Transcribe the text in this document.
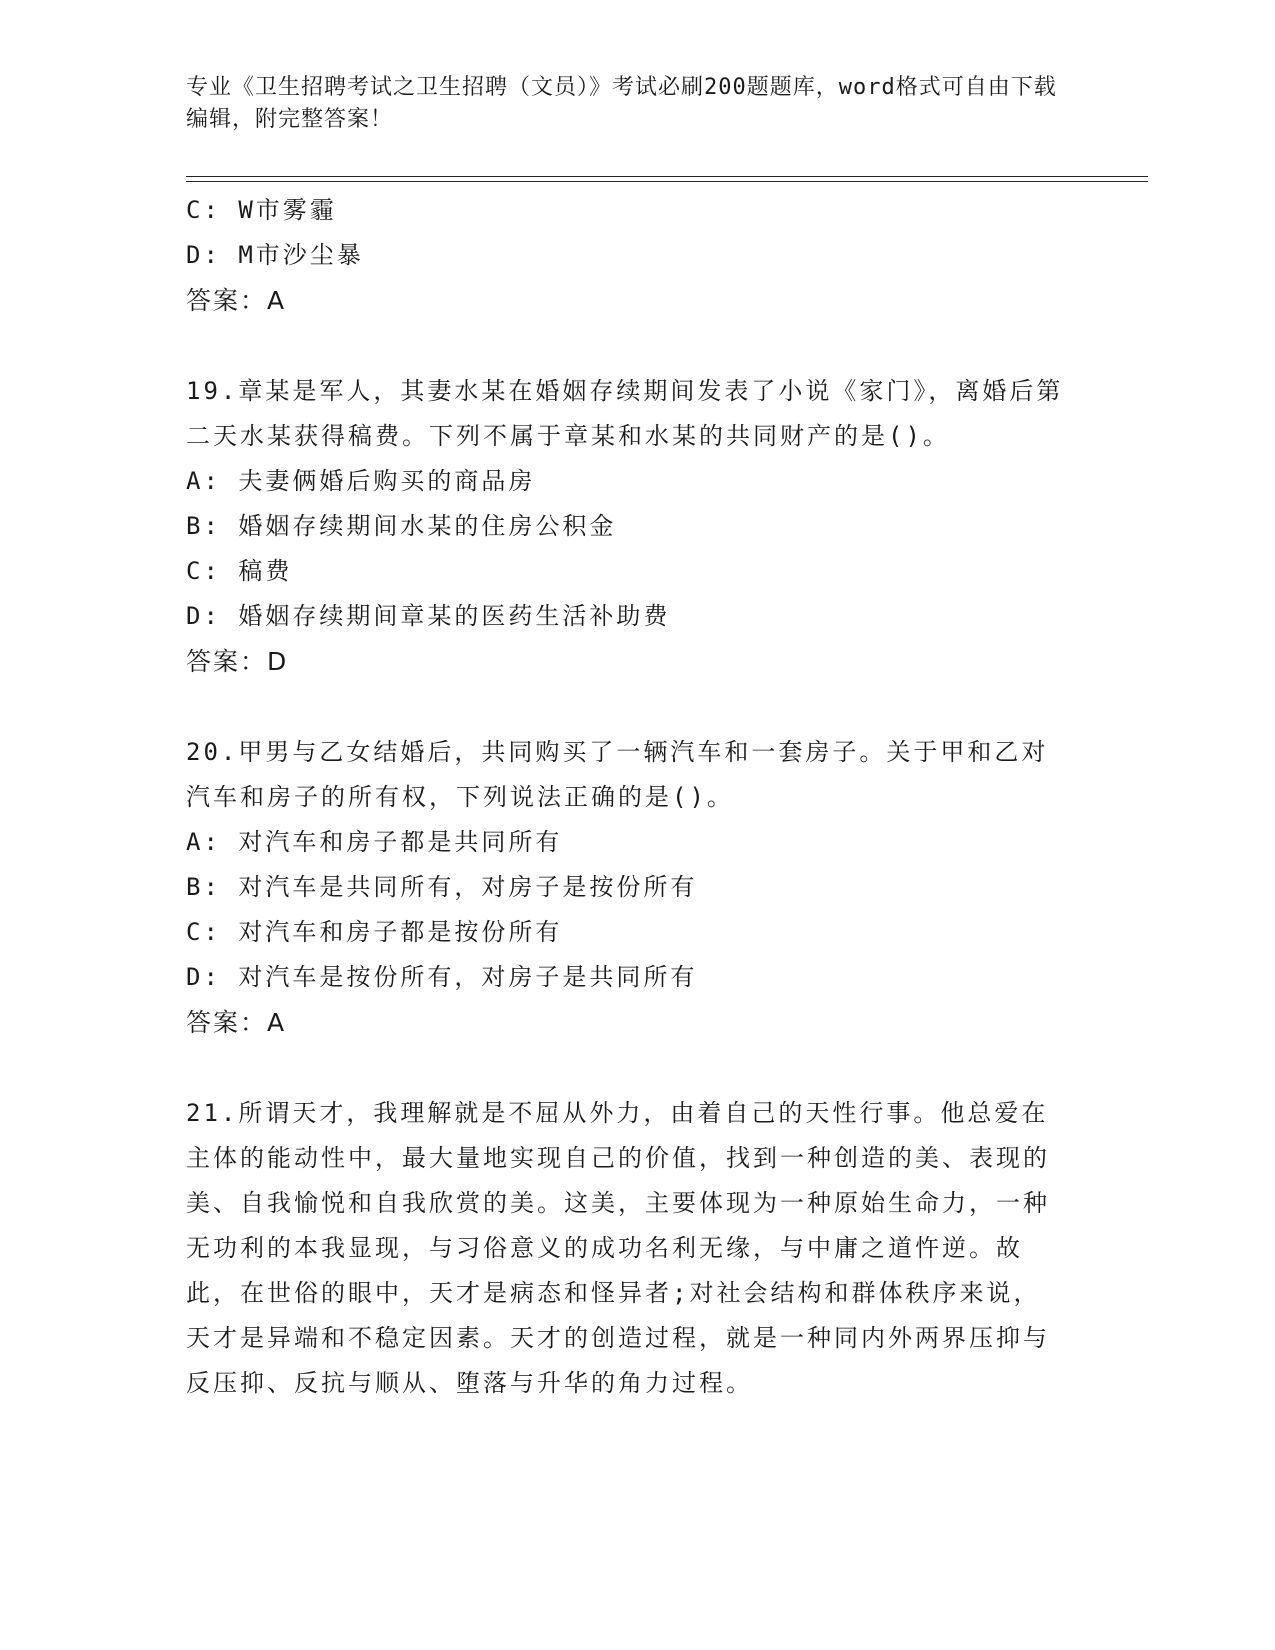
专业《卫生招聘考试之卫生招聘（文员）》考试必刷200题题库，word格式可自由下载编辑，附完整答案！
C: W市雾霾
D: M市沙尘暴
答案：A
19.章某是军人，其妻水某在婚姻存续期间发表了小说《家门》，离婚后第二天水某获得稿费。下列不属于章某和水某的共同财产的是()。
A: 夫妻俩婚后购买的商品房
B: 婚姻存续期间水某的住房公积金
C: 稿费
D: 婚姻存续期间章某的医药生活补助费
答案：D
20.甲男与乙女结婚后，共同购买了一辆汽车和一套房子。关于甲和乙对汽车和房子的所有权，下列说法正确的是()。
A: 对汽车和房子都是共同所有
B: 对汽车是共同所有，对房子是按份所有
C: 对汽车和房子都是按份所有
D: 对汽车是按份所有，对房子是共同所有
答案：A
21.所谓天才，我理解就是不屈从外力，由着自己的天性行事。他总爱在主体的能动性中，最大量地实现自己的价值，找到一种创造的美、表现的美、自我愉悦和自我欣赏的美。这美，主要体现为一种原始生命力，一种无功利的本我显现，与习俗意义的成功名利无缘，与中庸之道忤逆。故此，在世俗的眼中，天才是病态和怪异者;对社会结构和群体秩序来说，天才是异端和不稳定因素。天才的创造过程，就是一种同内外两界压抑与反压抑、反抗与顺从、堕落与升华的角力过程。
